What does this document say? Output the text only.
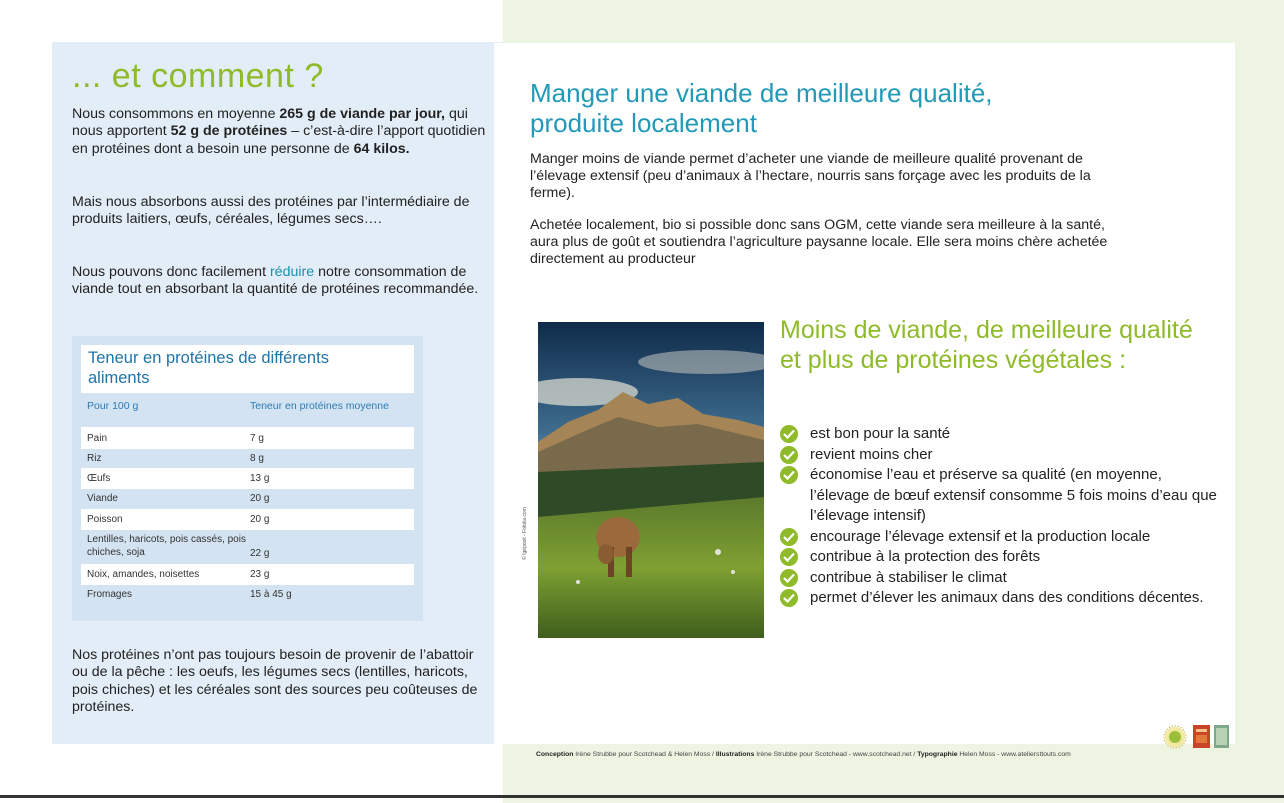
... et comment ?

Nous consommons en moyenne 265 g de viande par jour, qui nous apportent 52 g de protéines – c’est-à-dire l’apport quotidien en protéines dont a besoin une personne de 64 kilos.

Mais nous absorbons aussi des protéines par l’intermédiaire de produits laitiers, œufs, céréales, légumes secs….

Nous pouvons donc facilement réduire notre consommation de viande tout en absorbant la quantité de protéines recommandée.

Teneur en protéines de différents aliments
Pour 100 g	Teneur en protéines moyenne
Pain	7 g
Riz	8 g
Œufs	13 g
Viande	20 g
Poisson	20 g
Lentilles, haricots, pois cassés, pois chiches, soja	22 g
Noix, amandes, noisettes	23 g
Fromages	15 à 45 g

Nos protéines n’ont pas toujours besoin de provenir de l’abattoir ou de la pêche : les oeufs, les légumes secs (lentilles, haricots, pois chiches) et les céréales sont des sources peu coûteuses de protéines.

Manger une viande de meilleure qualité, produite localement

Manger moins de viande permet d’acheter une viande de meilleure qualité provenant de l’élevage extensif (peu d’animaux à l’hectare, nourris sans forçage avec les produits de la ferme).

Achetée localement, bio si possible donc sans OGM, cette viande sera meilleure à la santé, aura plus de goût et soutiendra l’agriculture paysanne locale. Elle sera moins chère achetée directement au producteur

© Igéposit - Fotolia.com
Moins de viande, de meilleure qualité et plus de protéines végétales :
est bon pour la santé
revient moins cher
économise l’eau et préserve sa qualité (en moyenne, l’élevage de bœuf extensif consomme 5 fois moins d’eau que l’élevage intensif)
encourage l’élevage extensif et la production locale
contribue à la protection des forêts
contribue à stabiliser le climat
permet d’élever les animaux dans des conditions décentes.
Conception Irène Strubbe pour Scotchead & Helen Moss / Illustrations Irène Strubbe pour Scotchead - www.scotchead.net / Typographie Helen Moss - www.ateliersttouts.com
